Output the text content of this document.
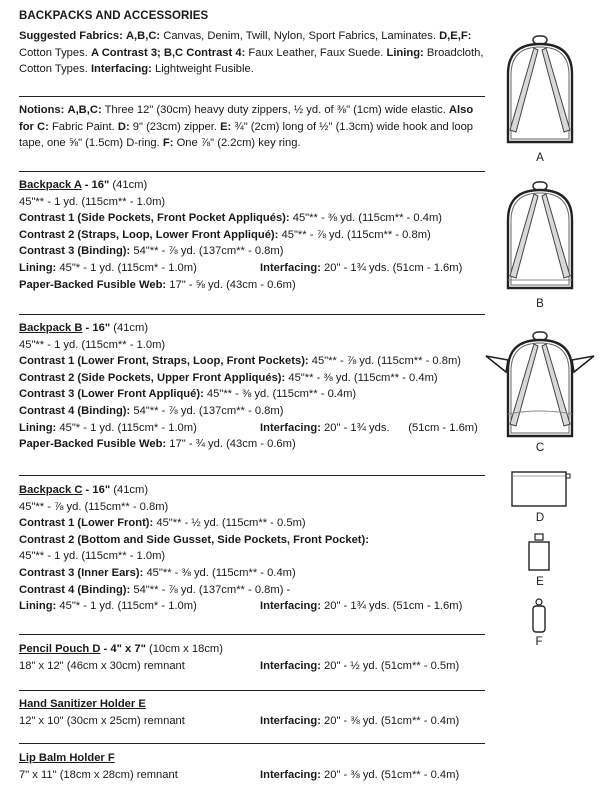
BACKPACKS AND ACCESSORIES

Suggested Fabrics: A,B,C: Canvas, Denim, Twill, Nylon, Sport Fabrics, Laminates. D,E,F: Cotton Types. A Contrast 3; B,C Contrast 4: Faux Leather, Faux Suede. Lining: Broadcloth, Cotton Types. Interfacing: Lightweight Fusible.

Notions: A,B,C: Three 12" (30cm) heavy duty zippers, ½ yd. of ⅜" (1cm) wide elastic. Also for C: Fabric Paint. D: 9" (23cm) zipper. E: ¾" (2cm) long of ½" (1.3cm) wide hook and loop tape, one ⅝" (1.5cm) D-ring. F: One ⅞" (2.2cm) key ring.

Backpack A - 16" (41cm)

45"** - 1 yd. (115cm** - 1.0m)

Contrast 1 (Side Pockets, Front Pocket Appliqués): 45"** - ⅜ yd. (115cm** - 0.4m)

Contrast 2 (Straps, Loop, Lower Front Appliqué): 45"** - ⅞ yd. (115cm** - 0.8m)

Contrast 3 (Binding): 54"** - ⅞ yd. (137cm** - 0.8m)

Lining: 45"* - 1 yd. (115cm* - 1.0m)	Interfacing: 20" - 1¾ yds. (51cm - 1.6m)

Paper-Backed Fusible Web: 17" - ⅝ yd. (43cm - 0.6m)

Backpack B - 16" (41cm)

45"** - 1 yd. (115cm** - 1.0m)

Contrast 1 (Lower Front, Straps, Loop, Front Pockets): 45"** - ⅞ yd. (115cm** - 0.8m)

Contrast 2 (Side Pockets, Upper Front Appliqués): 45"** - ⅜ yd. (115cm** - 0.4m)

Contrast 3 (Lower Front Appliqué): 45"** - ⅜ yd. (115cm** - 0.4m)

Contrast 4 (Binding): 54"** - ⅞ yd. (137cm** - 0.8m)

Lining: 45"* - 1 yd. (115cm* - 1.0m)	Interfacing: 20" - 1¾ yds.      (51cm - 1.6m)

Paper-Backed Fusible Web: 17" - ¾ yd. (43cm - 0.6m)

Backpack C - 16" (41cm)

45"** - ⅞ yd. (115cm** - 0.8m)

Contrast 1 (Lower Front): 45"** - ½ yd. (115cm** - 0.5m)

Contrast 2 (Bottom and Side Gusset, Side Pockets, Front Pocket):

45"** - 1 yd. (115cm** - 1.0m)

Contrast 3 (Inner Ears): 45"** - ⅜ yd. (115cm** - 0.4m)

Contrast 4 (Binding): 54"** - ⅞ yd. (137cm** - 0.8m) -

Lining: 45"* - 1 yd. (115cm* - 1.0m)	Interfacing: 20" - 1¾ yds. (51cm - 1.6m)

Pencil Pouch D - 4" x 7" (10cm x 18cm)

18" x 12" (46cm x 30cm) remnant	Interfacing: 20" - ½ yd. (51cm** - 0.5m)

Hand Sanitizer Holder E

12" x 10" (30cm x 25cm) remnant	Interfacing: 20" - ⅜ yd. (51cm** - 0.4m)

Lip Balm Holder F

7" x 11" (18cm x 28cm) remnant	Interfacing: 20" - ⅜ yd. (51cm** - 0.4m)
A
B
C
D
E
F
